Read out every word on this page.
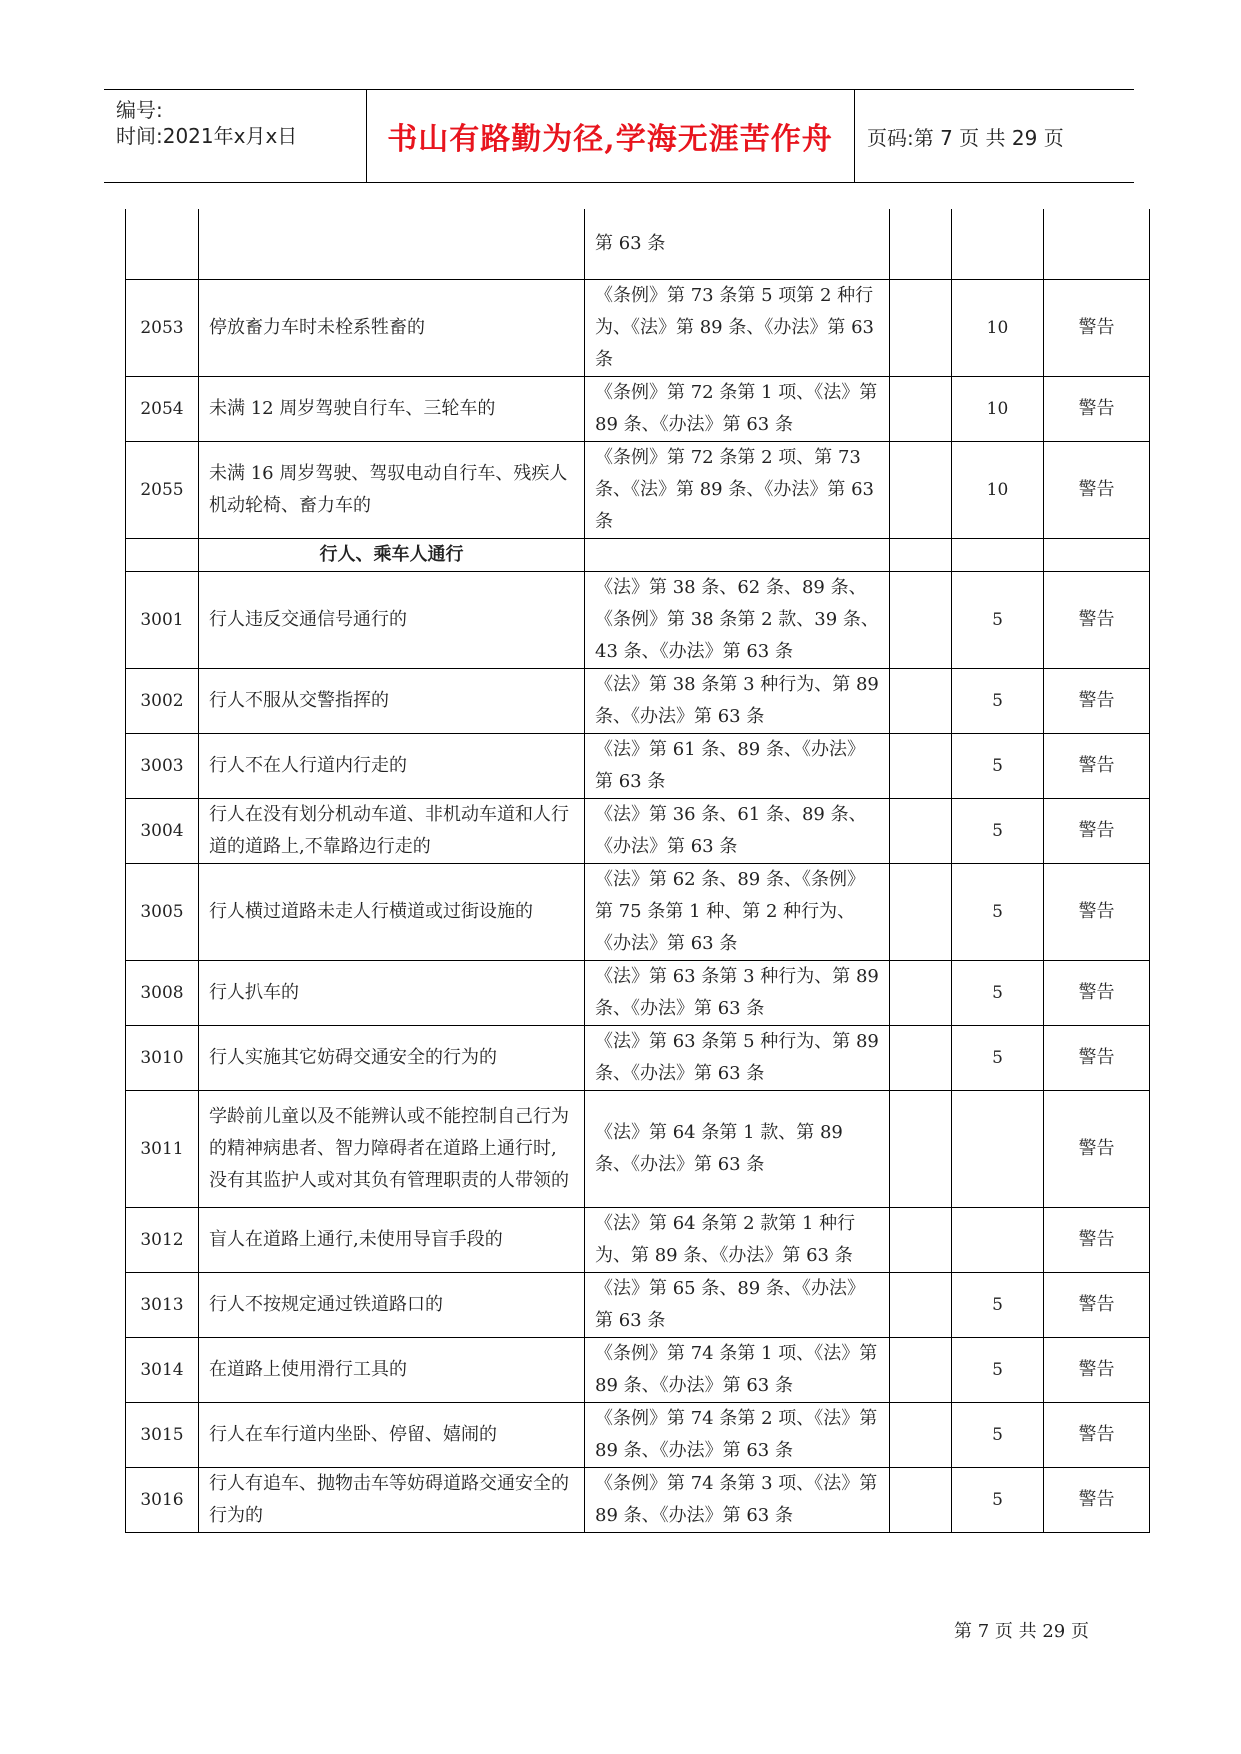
编号:
时间:2021年x月x日	书山有路勤为径,学海无涯苦作舟 页码:第 7 页 共 29 页
		第 63 条			
2053	停放畜力车时未栓系牲畜的	《条例》第 73 条第 5 项第 2 种行为、《法》第 89 条、《办法》第 63 条		10	警告
2054	未满 12 周岁驾驶自行车、三轮车的	《条例》第 72 条第 1 项、《法》第 89 条、《办法》第 63 条		10	警告
2055	未满 16 周岁驾驶、驾驭电动自行车、残疾人机动轮椅、畜力车的	《条例》第 72 条第 2 项、第 73 条、《法》第 89 条、《办法》第 63 条		10	警告
	行人、乘车人通行				
3001	行人违反交通信号通行的	《法》第 38 条、62 条、89 条、《条例》第 38 条第 2 款、39 条、43 条、《办法》第 63 条		5	警告
3002	行人不服从交警指挥的	《法》第 38 条第 3 种行为、第 89 条、《办法》第 63 条		5	警告
3003	行人不在人行道内行走的	《法》第 61 条、89 条、《办法》第 63 条		5	警告
3004	行人在没有划分机动车道、非机动车道和人行道的道路上,不靠路边行走的	《法》第 36 条、61 条、89 条、《办法》第 63 条		5	警告
3005	行人横过道路未走人行横道或过街设施的	《法》第 62 条、89 条、《条例》第 75 条第 1 种、第 2 种行为、《办法》第 63 条		5	警告
3008	行人扒车的	《法》第 63 条第 3 种行为、第 89 条、《办法》第 63 条		5	警告
3010	行人实施其它妨碍交通安全的行为的	《法》第 63 条第 5 种行为、第 89 条、《办法》第 63 条		5	警告
3011	学龄前儿童以及不能辨认或不能控制自己行为的精神病患者、智力障碍者在道路上通行时,没有其监护人或对其负有管理职责的人带领的	《法》第 64 条第 1 款、第 89 条、《办法》第 63 条			警告
3012	盲人在道路上通行,未使用导盲手段的	《法》第 64 条第 2 款第 1 种行为、第 89 条、《办法》第 63 条			警告
3013	行人不按规定通过铁道路口的	《法》第 65 条、89 条、《办法》第 63 条		5	警告
3014	在道路上使用滑行工具的	《条例》第 74 条第 1 项、《法》第 89 条、《办法》第 63 条		5	警告
3015	行人在车行道内坐卧、停留、嬉闹的	《条例》第 74 条第 2 项、《法》第 89 条、《办法》第 63 条		5	警告
3016	行人有追车、抛物击车等妨碍道路交通安全的行为的	《条例》第 74 条第 3 项、《法》第 89 条、《办法》第 63 条		5	警告
第 7 页 共 29 页
